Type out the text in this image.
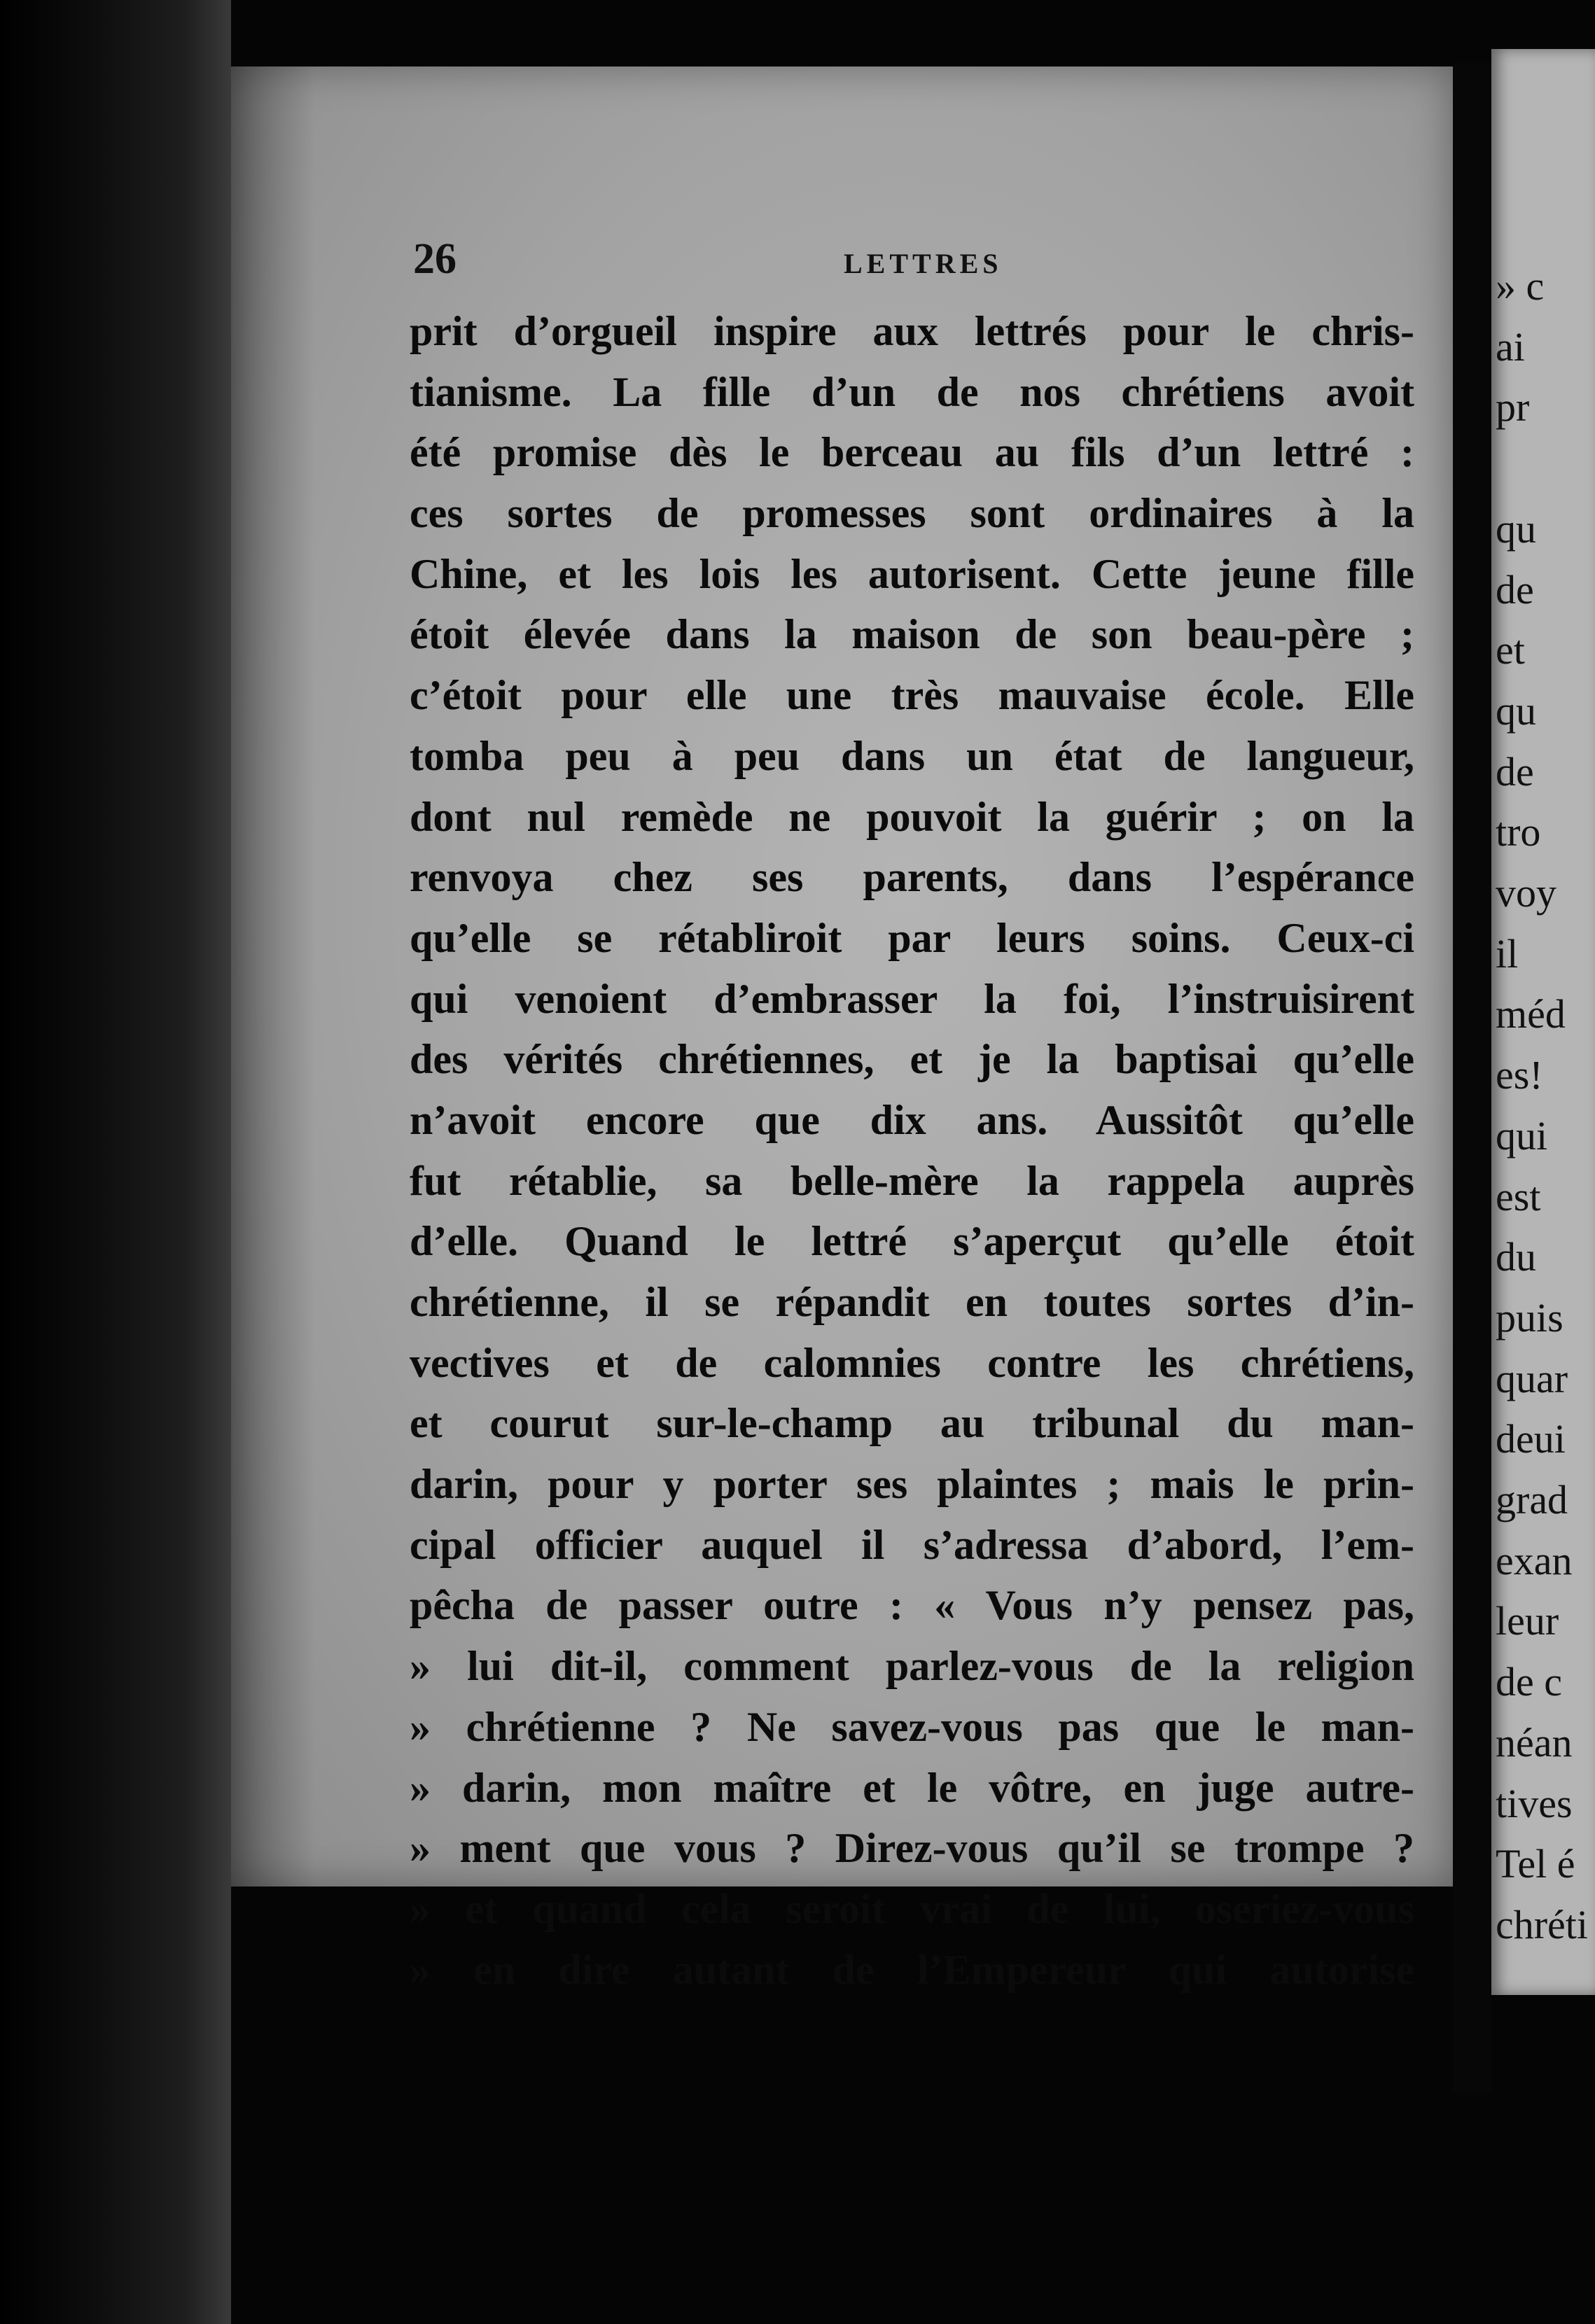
26	LETTRES
prit d’orgueil inspire aux lettrés pour le chris-
tianisme. La fille d’un de nos chrétiens avoit
été promise dès le berceau au fils d’un lettré :
ces sortes de promesses sont ordinaires à la
Chine, et les lois les autorisent. Cette jeune fille
étoit élevée dans la maison de son beau-père ;
c’étoit pour elle une très mauvaise école. Elle
tomba peu à peu dans un état de langueur,
dont nul remède ne pouvoit la guérir ; on la
renvoya chez ses parents, dans l’espérance
qu’elle se rétabliroit par leurs soins. Ceux-ci
qui venoient d’embrasser la foi, l’instruisirent
des vérités chrétiennes, et je la baptisai qu’elle
n’avoit encore que dix ans. Aussitôt qu’elle
fut rétablie, sa belle-mère la rappela auprès
d’elle. Quand le lettré s’aperçut qu’elle étoit
chrétienne, il se répandit en toutes sortes d’in-
vectives et de calomnies contre les chrétiens,
et courut sur-le-champ au tribunal du man-
darin, pour y porter ses plaintes ; mais le prin-
cipal officier auquel il s’adressa d’abord, l’em-
pêcha de passer outre : « Vous n’y pensez pas,
» lui dit-il, comment parlez-vous de la religion
» chrétienne ? Ne savez-vous pas que le man-
» darin, mon maître et le vôtre, en juge autre-
» ment que vous ? Direz-vous qu’il se trompe ?
» et quand cela seroit vrai de lui, oseriez-vous
» en dire autant de l’Empereur qui autorise
» c
ai
pr
qu
de
et
qu
de
tro
voy
il
méd
es!
qui
est
du
puis
quar
deui
grad
exan
leur
de c
néan
tives
Tel é
chréti
